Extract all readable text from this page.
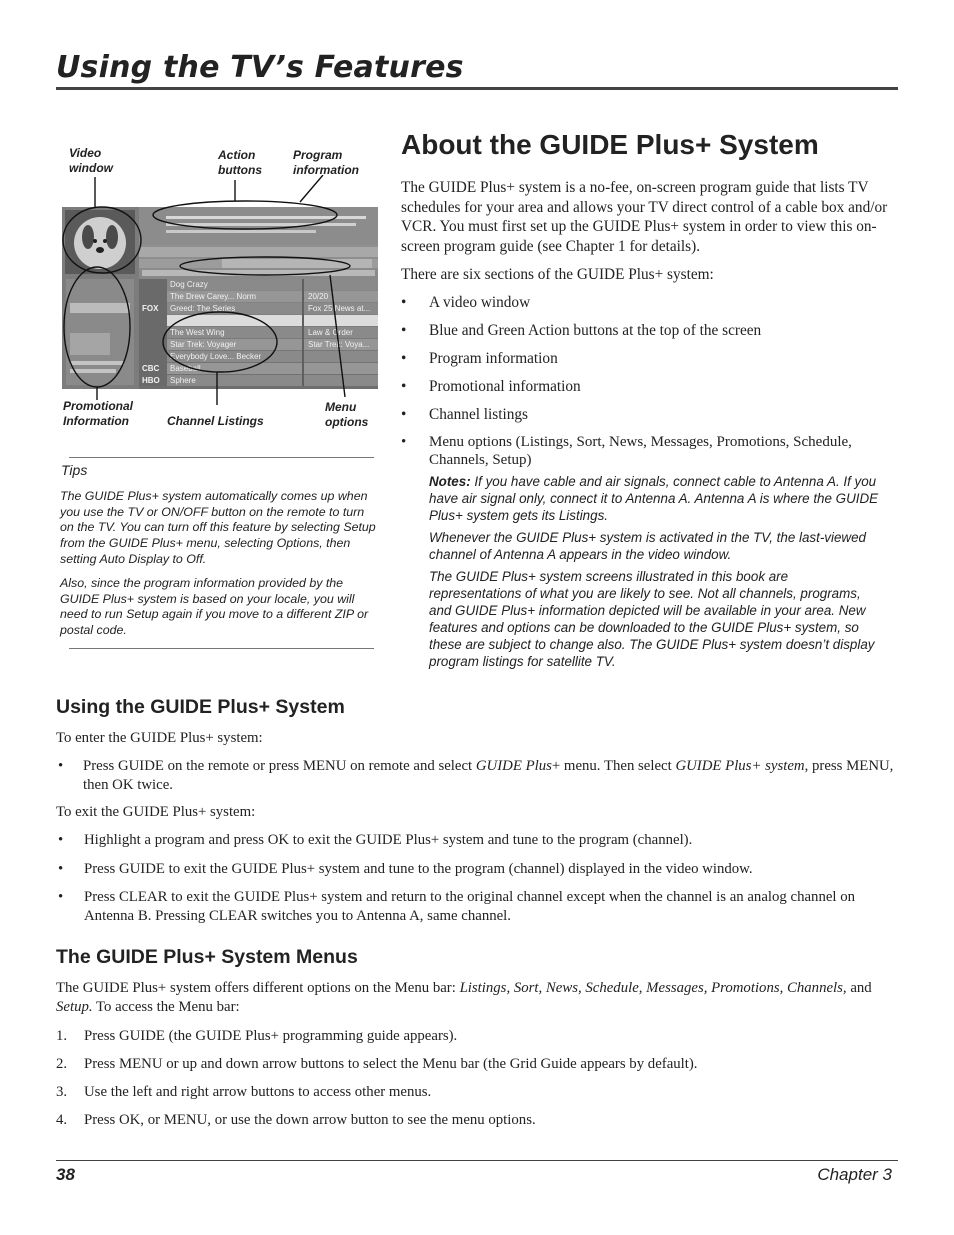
Using the TV’s Features
Video window
Action buttons
Program information
Promotional Information	Channel Listings
Menu options
Dog Crazy
The Drew Carey... Norm	20/20
FOX Greed: The Series	Fox 25 News at...
The West Wing	Law & Order
Star Trek: Voyager	Star Trek: Voya...
Everybody Love... Becker
CBC Baseball
HBO Sphere
Tips
The GUIDE Plus+ system automatically comes up when you use the TV or ON/OFF button on the remote to turn on the TV. You can turn off this feature by selecting Setup from the GUIDE Plus+ menu, selecting Options, then setting Auto Display to Off.
Also, since the program information provided by the GUIDE Plus+ system is based on your locale, you will need to run Setup again if you move to a different ZIP or postal code.
About the GUIDE Plus+ System
The GUIDE Plus+ system is a no-fee, on-screen program guide that lists TV schedules for your area and allows your TV direct control of a cable box and/or VCR. You must first set up the GUIDE Plus+ system in order to view this on-screen program guide (see Chapter 1 for details).
There are six sections of the GUIDE Plus+ system:
• A video window
• Blue and Green Action buttons at the top of the screen
• Program information
• Promotional information
• Channel listings
• Menu options (Listings, Sort, News, Messages, Promotions, Schedule, Channels, Setup)
Notes: If you have cable and air signals, connect cable to Antenna A. If you have air signal only, connect it to Antenna A. Antenna A is where the GUIDE Plus+ system gets its Listings.
Whenever the GUIDE Plus+ system is activated in the TV, the last-viewed channel of Antenna A appears in the video window.
The GUIDE Plus+ system screens illustrated in this book are representations of what you are likely to see. Not all channels, programs, and GUIDE Plus+ information depicted will be available in your area. New features and options can be downloaded to the GUIDE Plus+ system, so these are subject to change also. The GUIDE Plus+ system doesn’t display program listings for satellite TV.
Using the GUIDE Plus+ System
To enter the GUIDE Plus+ system:
•	Press GUIDE on the remote or press MENU on remote and select GUIDE Plus+ menu. Then select GUIDE Plus+ system, press MENU, then OK twice.
To exit the GUIDE Plus+ system:
• Highlight a program and press OK to exit the GUIDE Plus+ system and tune to the program (channel).
• Press GUIDE to exit the GUIDE Plus+ system and tune to the program (channel) displayed in the video window.
• Press CLEAR to exit the GUIDE Plus+ system and return to the original channel except when the channel is an analog channel on Antenna B. Pressing CLEAR switches you to Antenna A, same channel.
The GUIDE Plus+ System Menus
The GUIDE Plus+ system offers different options on the Menu bar: Listings, Sort, News, Schedule, Messages, Promotions, Channels, and Setup. To access the Menu bar:
1. Press GUIDE (the GUIDE Plus+ programming guide appears).
2. Press MENU or up and down arrow buttons to select the Menu bar (the Grid Guide appears by default).
3. Use the left and right arrow buttons to access other menus.
4. Press OK, or MENU, or use the down arrow button to see the menu options.
38	Chapter 3
